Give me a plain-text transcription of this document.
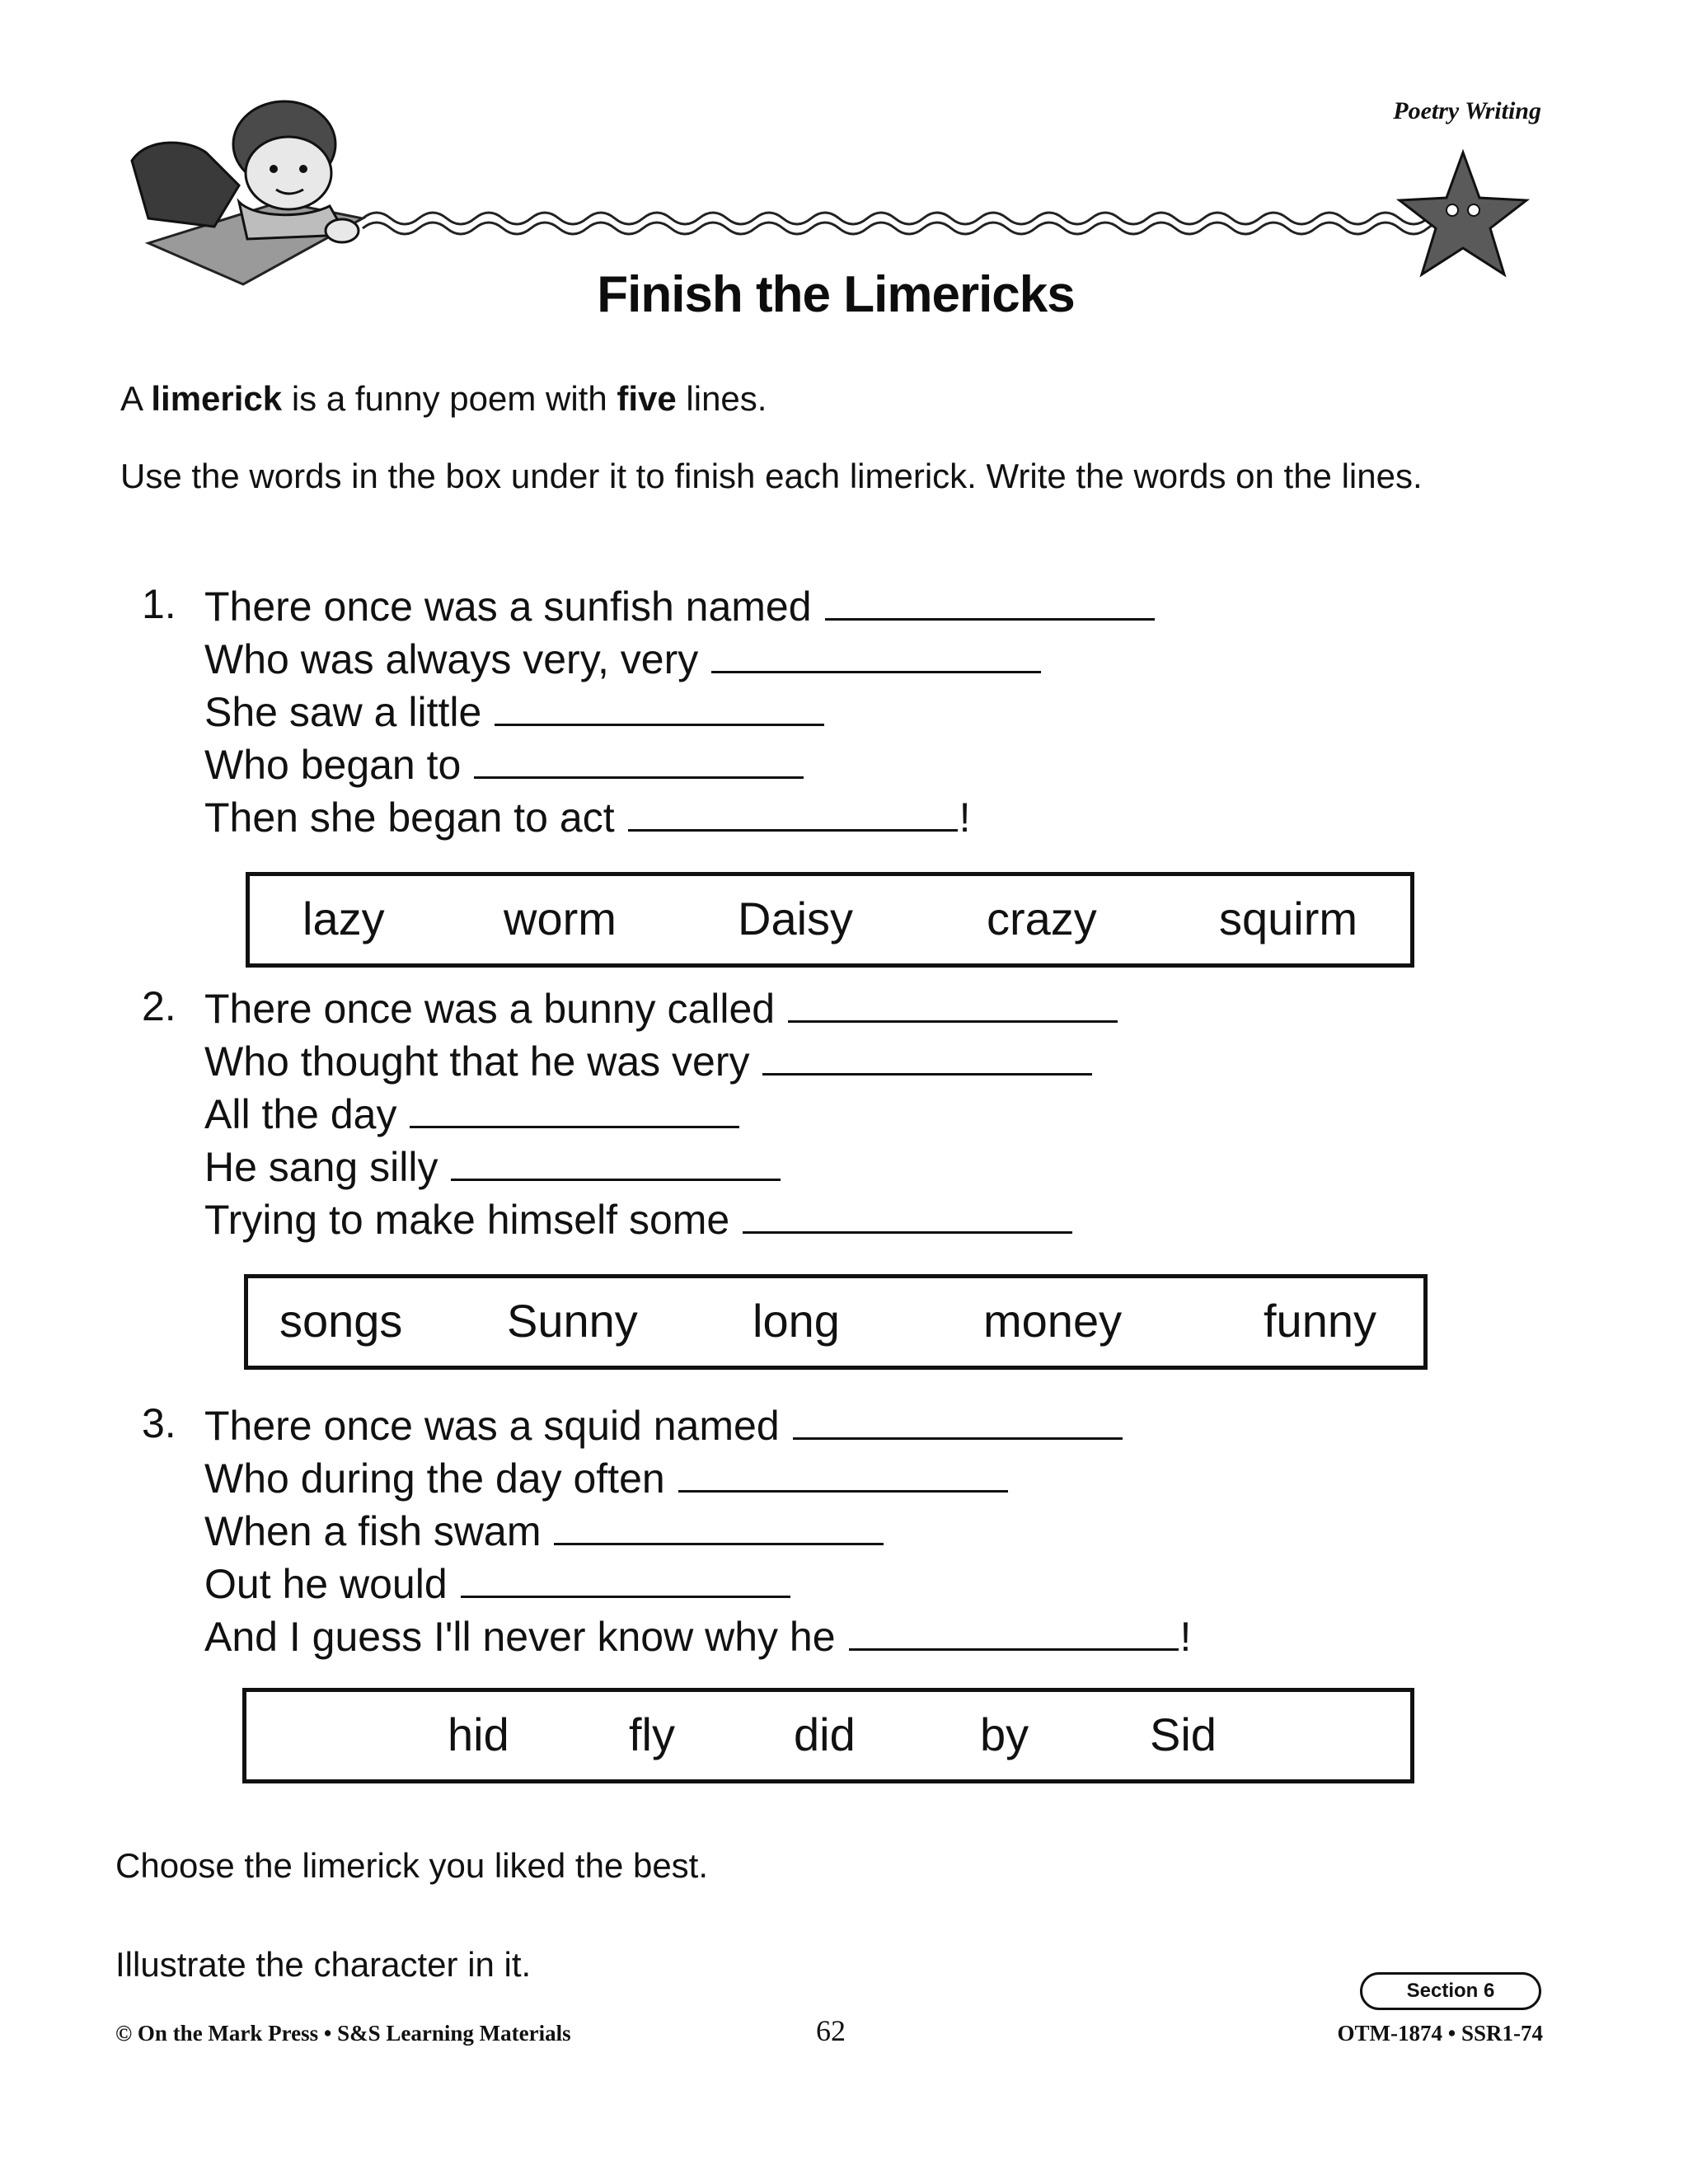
Poetry Writing
Finish the Limericks
A limerick is a funny poem with five lines.
Use the words in the box under it to finish each limerick. Write the words on the lines.
1. There once was a sunfish named
Who was always very, very
She saw a little
Who began to
Then she began to act	!
lazy	worm	Daisy	crazy	squirm
2. There once was a bunny called
Who thought that he was very
All the day
He sang silly
Trying to make himself some
songs Sunny long	money	funny
3. There once was a squid named
Who during the day often
When a fish swam
Out he would
And I guess I'll never know why he	!
hid	fly	did	by	Sid
Choose the limerick you liked the best.
Illustrate the character in it.
Section 6
© On the Mark Press • S&S Learning Materials	62	OTM-1874 • SSR1-74
